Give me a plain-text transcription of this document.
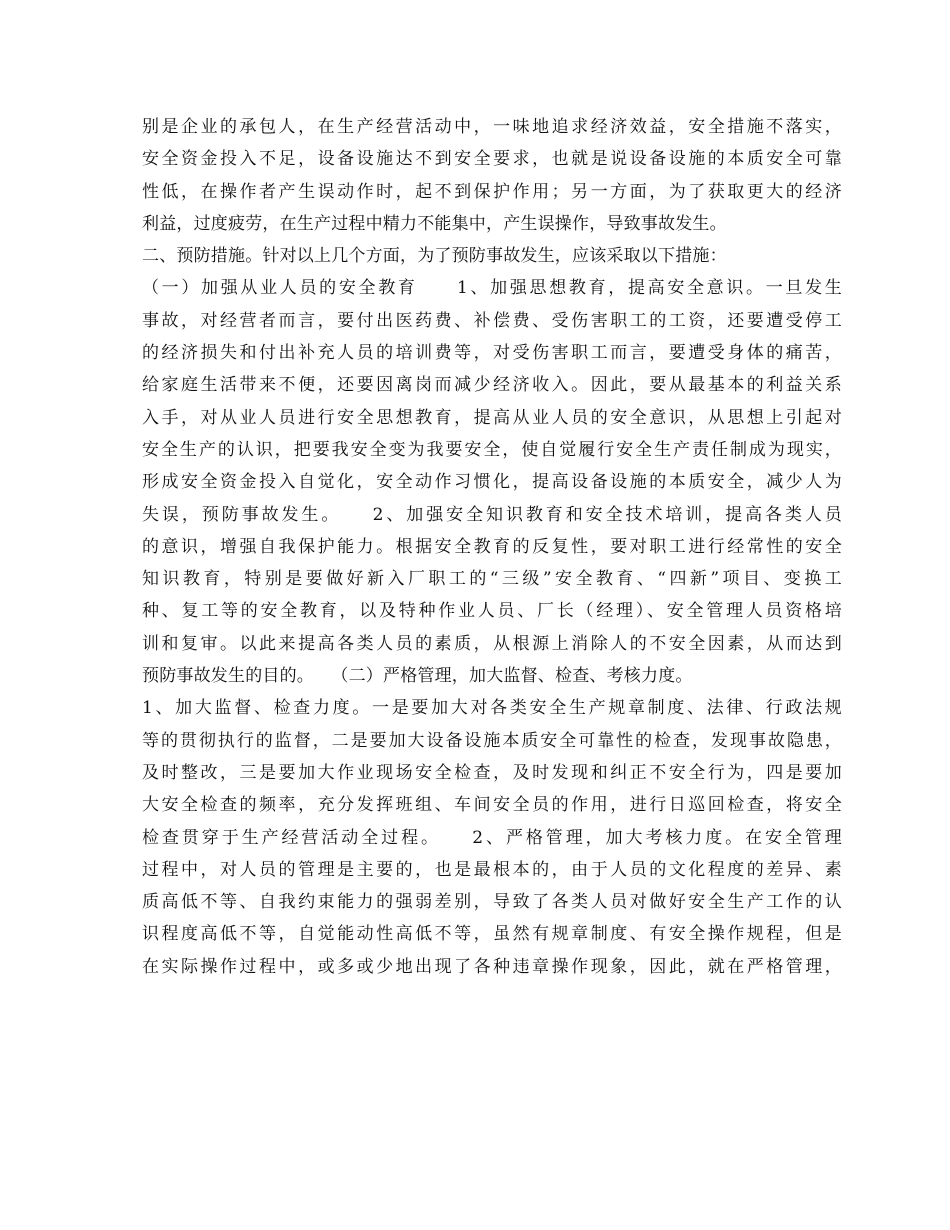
别是企业的承包人，在生产经营活动中，一味地追求经济效益，安全措施不落实，
安全资金投入不足，设备设施达不到安全要求，也就是说设备设施的本质安全可靠
性低，在操作者产生误动作时，起不到保护作用；另一方面，为了获取更大的经济
利益，过度疲劳，在生产过程中精力不能集中，产生误操作，导致事故发生。
二、预防措施。针对以上几个方面，为了预防事故发生，应该采取以下措施：
（一）加强从业人员的安全教育　　1、加强思想教育，提高安全意识。一旦发生
事故，对经营者而言，要付出医药费、补偿费、受伤害职工的工资，还要遭受停工
的经济损失和付出补充人员的培训费等，对受伤害职工而言，要遭受身体的痛苦，
给家庭生活带来不便，还要因离岗而减少经济收入。因此，要从最基本的利益关系
入手，对从业人员进行安全思想教育，提高从业人员的安全意识，从思想上引起对
安全生产的认识，把要我安全变为我要安全，使自觉履行安全生产责任制成为现实，
形成安全资金投入自觉化，安全动作习惯化，提高设备设施的本质安全，减少人为
失误，预防事故发生。　　2、加强安全知识教育和安全技术培训，提高各类人员
的意识，增强自我保护能力。根据安全教育的反复性，要对职工进行经常性的安全
知识教育，特别是要做好新入厂职工的“三级”安全教育、“四新”项目、变换工
种、复工等的安全教育，以及特种作业人员、厂长（经理）、安全管理人员资格培
训和复审。以此来提高各类人员的素质，从根源上消除人的不安全因素，从而达到
预防事故发生的目的。　　（二）严格管理，加大监督、检查、考核力度。
1、加大监督、检查力度。一是要加大对各类安全生产规章制度、法律、行政法规
等的贯彻执行的监督，二是要加大设备设施本质安全可靠性的检查，发现事故隐患，
及时整改，三是要加大作业现场安全检查，及时发现和纠正不安全行为，四是要加
大安全检查的频率，充分发挥班组、车间安全员的作用，进行日巡回检查，将安全
检查贯穿于生产经营活动全过程。　　2、严格管理，加大考核力度。在安全管理
过程中，对人员的管理是主要的，也是最根本的，由于人员的文化程度的差异、素
质高低不等、自我约束能力的强弱差别，导致了各类人员对做好安全生产工作的认
识程度高低不等，自觉能动性高低不等，虽然有规章制度、有安全操作规程，但是
在实际操作过程中，或多或少地出现了各种违章操作现象，因此，就在严格管理，
